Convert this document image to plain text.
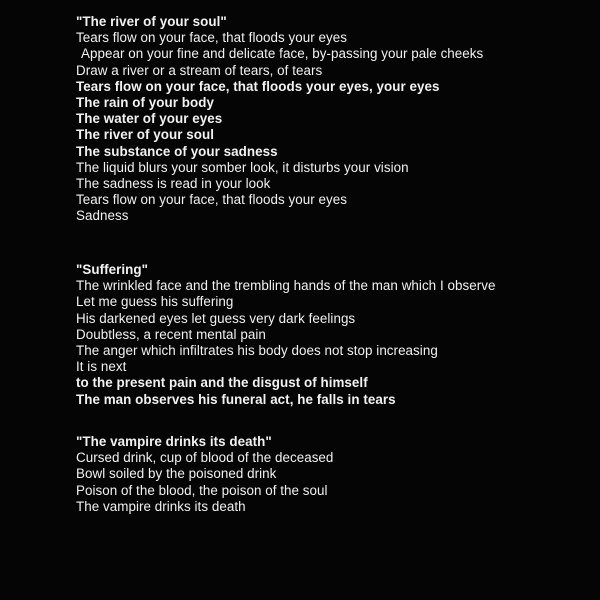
"The river of your soul"
Tears flow on your face, that floods your eyes
Appear on your fine and delicate face, by-passing your pale cheeks
Draw a river or a stream of tears, of tears
Tears flow on your face, that floods your eyes, your eyes
The rain of your body
The water of your eyes
The river of your soul
The substance of your sadness
The liquid blurs your somber look, it disturbs your vision
The sadness is read in your look
Tears flow on your face, that floods your eyes
Sadness
"Suffering"
The wrinkled face and the trembling hands of the man which I observe
Let me guess his suffering
His darkened eyes let guess very dark feelings
Doubtless, a recent mental pain
The anger which infiltrates his body does not stop increasing
It is next
to the present pain and the disgust of himself
The man observes his funeral act, he falls in tears
"The vampire drinks its death"
Cursed drink, cup of blood of the deceased
Bowl soiled by the poisoned drink
Poison of the blood, the poison of the soul
The vampire drinks its death
